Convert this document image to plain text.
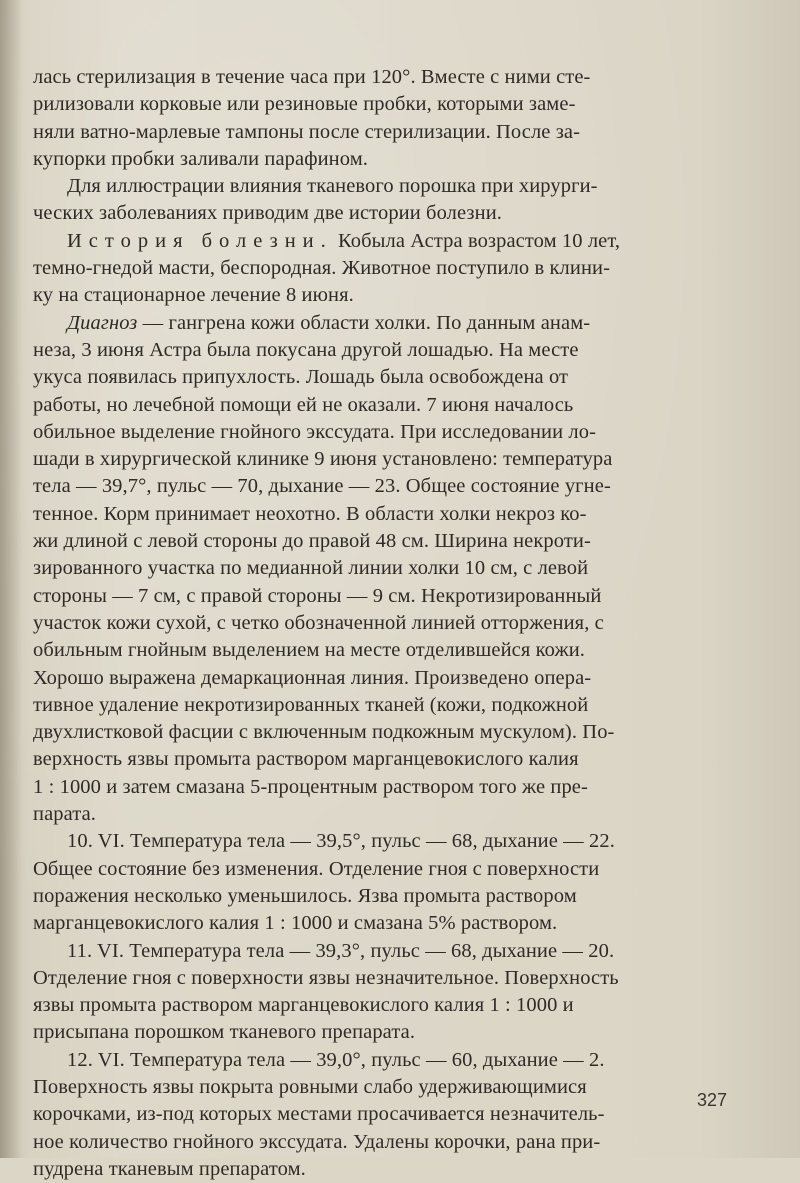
лась стерилизация в течение часа при 120°. Вместе с ними сте-
рилизовали корковые или резиновые пробки, которыми заме-
няли ватно-марлевые тампоны после стерилизации. После за-
купорки пробки заливали парафином.
Для иллюстрации влияния тканевого порошка при хирурги-
ческих заболеваниях приводим две истории болезни.
История болезни. Кобыла Астра возрастом 10 лет,
темно-гнедой масти, беспородная. Животное поступило в клини-
ку на стационарное лечение 8 июня.
Диагноз — гангрена кожи области холки. По данным анам-
неза, 3 июня Астра была покусана другой лошадью. На месте
укуса появилась припухлость. Лошадь была освобождена от
работы, но лечебной помощи ей не оказали. 7 июня началось
обильное выделение гнойного экссудата. При исследовании ло-
шади в хирургической клинике 9 июня установлено: температура
тела — 39,7°, пульс — 70, дыхание — 23. Общее состояние угне-
тенное. Корм принимает неохотно. В области холки некроз ко-
жи длиной с левой стороны до правой 48 см. Ширина некроти-
зированного участка по медианной линии холки 10 см, с левой
стороны — 7 см, с правой стороны — 9 см. Некротизированный
участок кожи сухой, с четко обозначенной линией отторжения, с
обильным гнойным выделением на месте отделившейся кожи.
Хорошо выражена демаркационная линия. Произведено опера-
тивное удаление некротизированных тканей (кожи, подкожной
двухлистковой фасции с включенным подкожным мускулом). По-
верхность язвы промыта раствором марганцевокислого калия
1 : 1000 и затем смазана 5-процентным раствором того же пре-
парата.
10. VI. Температура тела — 39,5°, пульс — 68, дыхание — 22.
Общее состояние без изменения. Отделение гноя с поверхности
поражения несколько уменьшилось. Язва промыта раствором
марганцевокислого калия 1 : 1000 и смазана 5% раствором.
11. VI. Температура тела — 39,3°, пульс — 68, дыхание — 20.
Отделение гноя с поверхности язвы незначительное. Поверхность
язвы промыта раствором марганцевокислого калия 1 : 1000 и
присыпана порошком тканевого препарата.
12. VI. Температура тела — 39,0°, пульс — 60, дыхание — 2.
Поверхность язвы покрыта ровными слабо удерживающимися
корочками, из-под которых местами просачивается незначитель-
ное количество гнойного экссудата. Удалены корочки, рана при-
пудрена тканевым препаратом.
327
